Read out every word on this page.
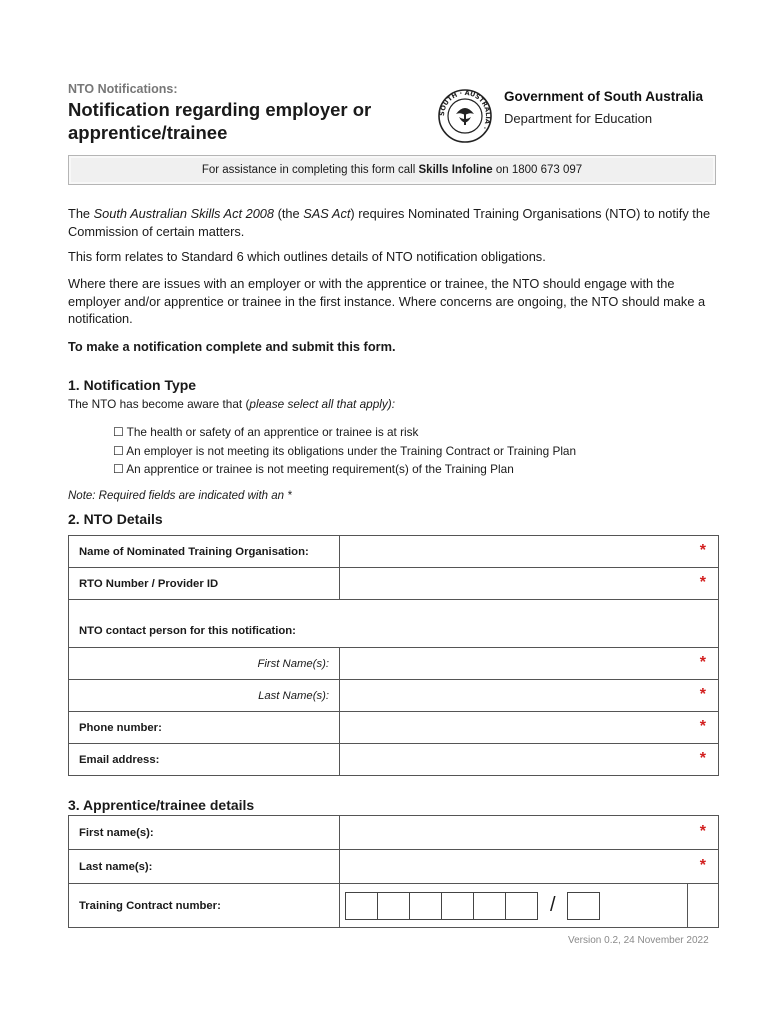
NTO Notifications:
Notification regarding employer or apprentice/trainee
SOUTH · AUSTRALIA ·
Government of South Australia
Department for Education
For assistance in completing this form call Skills Infoline on 1800 673 097
The South Australian Skills Act 2008 (the SAS Act) requires Nominated Training Organisations (NTO) to notify the Commission of certain matters.
This form relates to Standard 6 which outlines details of NTO notification obligations.
Where there are issues with an employer or with the apprentice or trainee, the NTO should engage with the employer and/or apprentice or trainee in the first instance. Where concerns are ongoing, the NTO should make a notification.
To make a notification complete and submit this form.
1. Notification Type
The NTO has become aware that (please select all that apply):
☐ The health or safety of an apprentice or trainee is at risk
☐ An employer is not meeting its obligations under the Training Contract or Training Plan
☐ An apprentice or trainee is not meeting requirement(s) of the Training Plan
Note: Required fields are indicated with an *
2. NTO Details
Name of Nominated Training Organisation:	*

RTO Number / Provider ID	*

NTO contact person for this notification:	
First Name(s):	*

Last Name(s):	*

Phone number:	*

Email address:	*
3. Apprentice/trainee details
First name(s):	*	

Last name(s):	*	

Training Contract number:	/	

Version 0.2, 24 November 2022
